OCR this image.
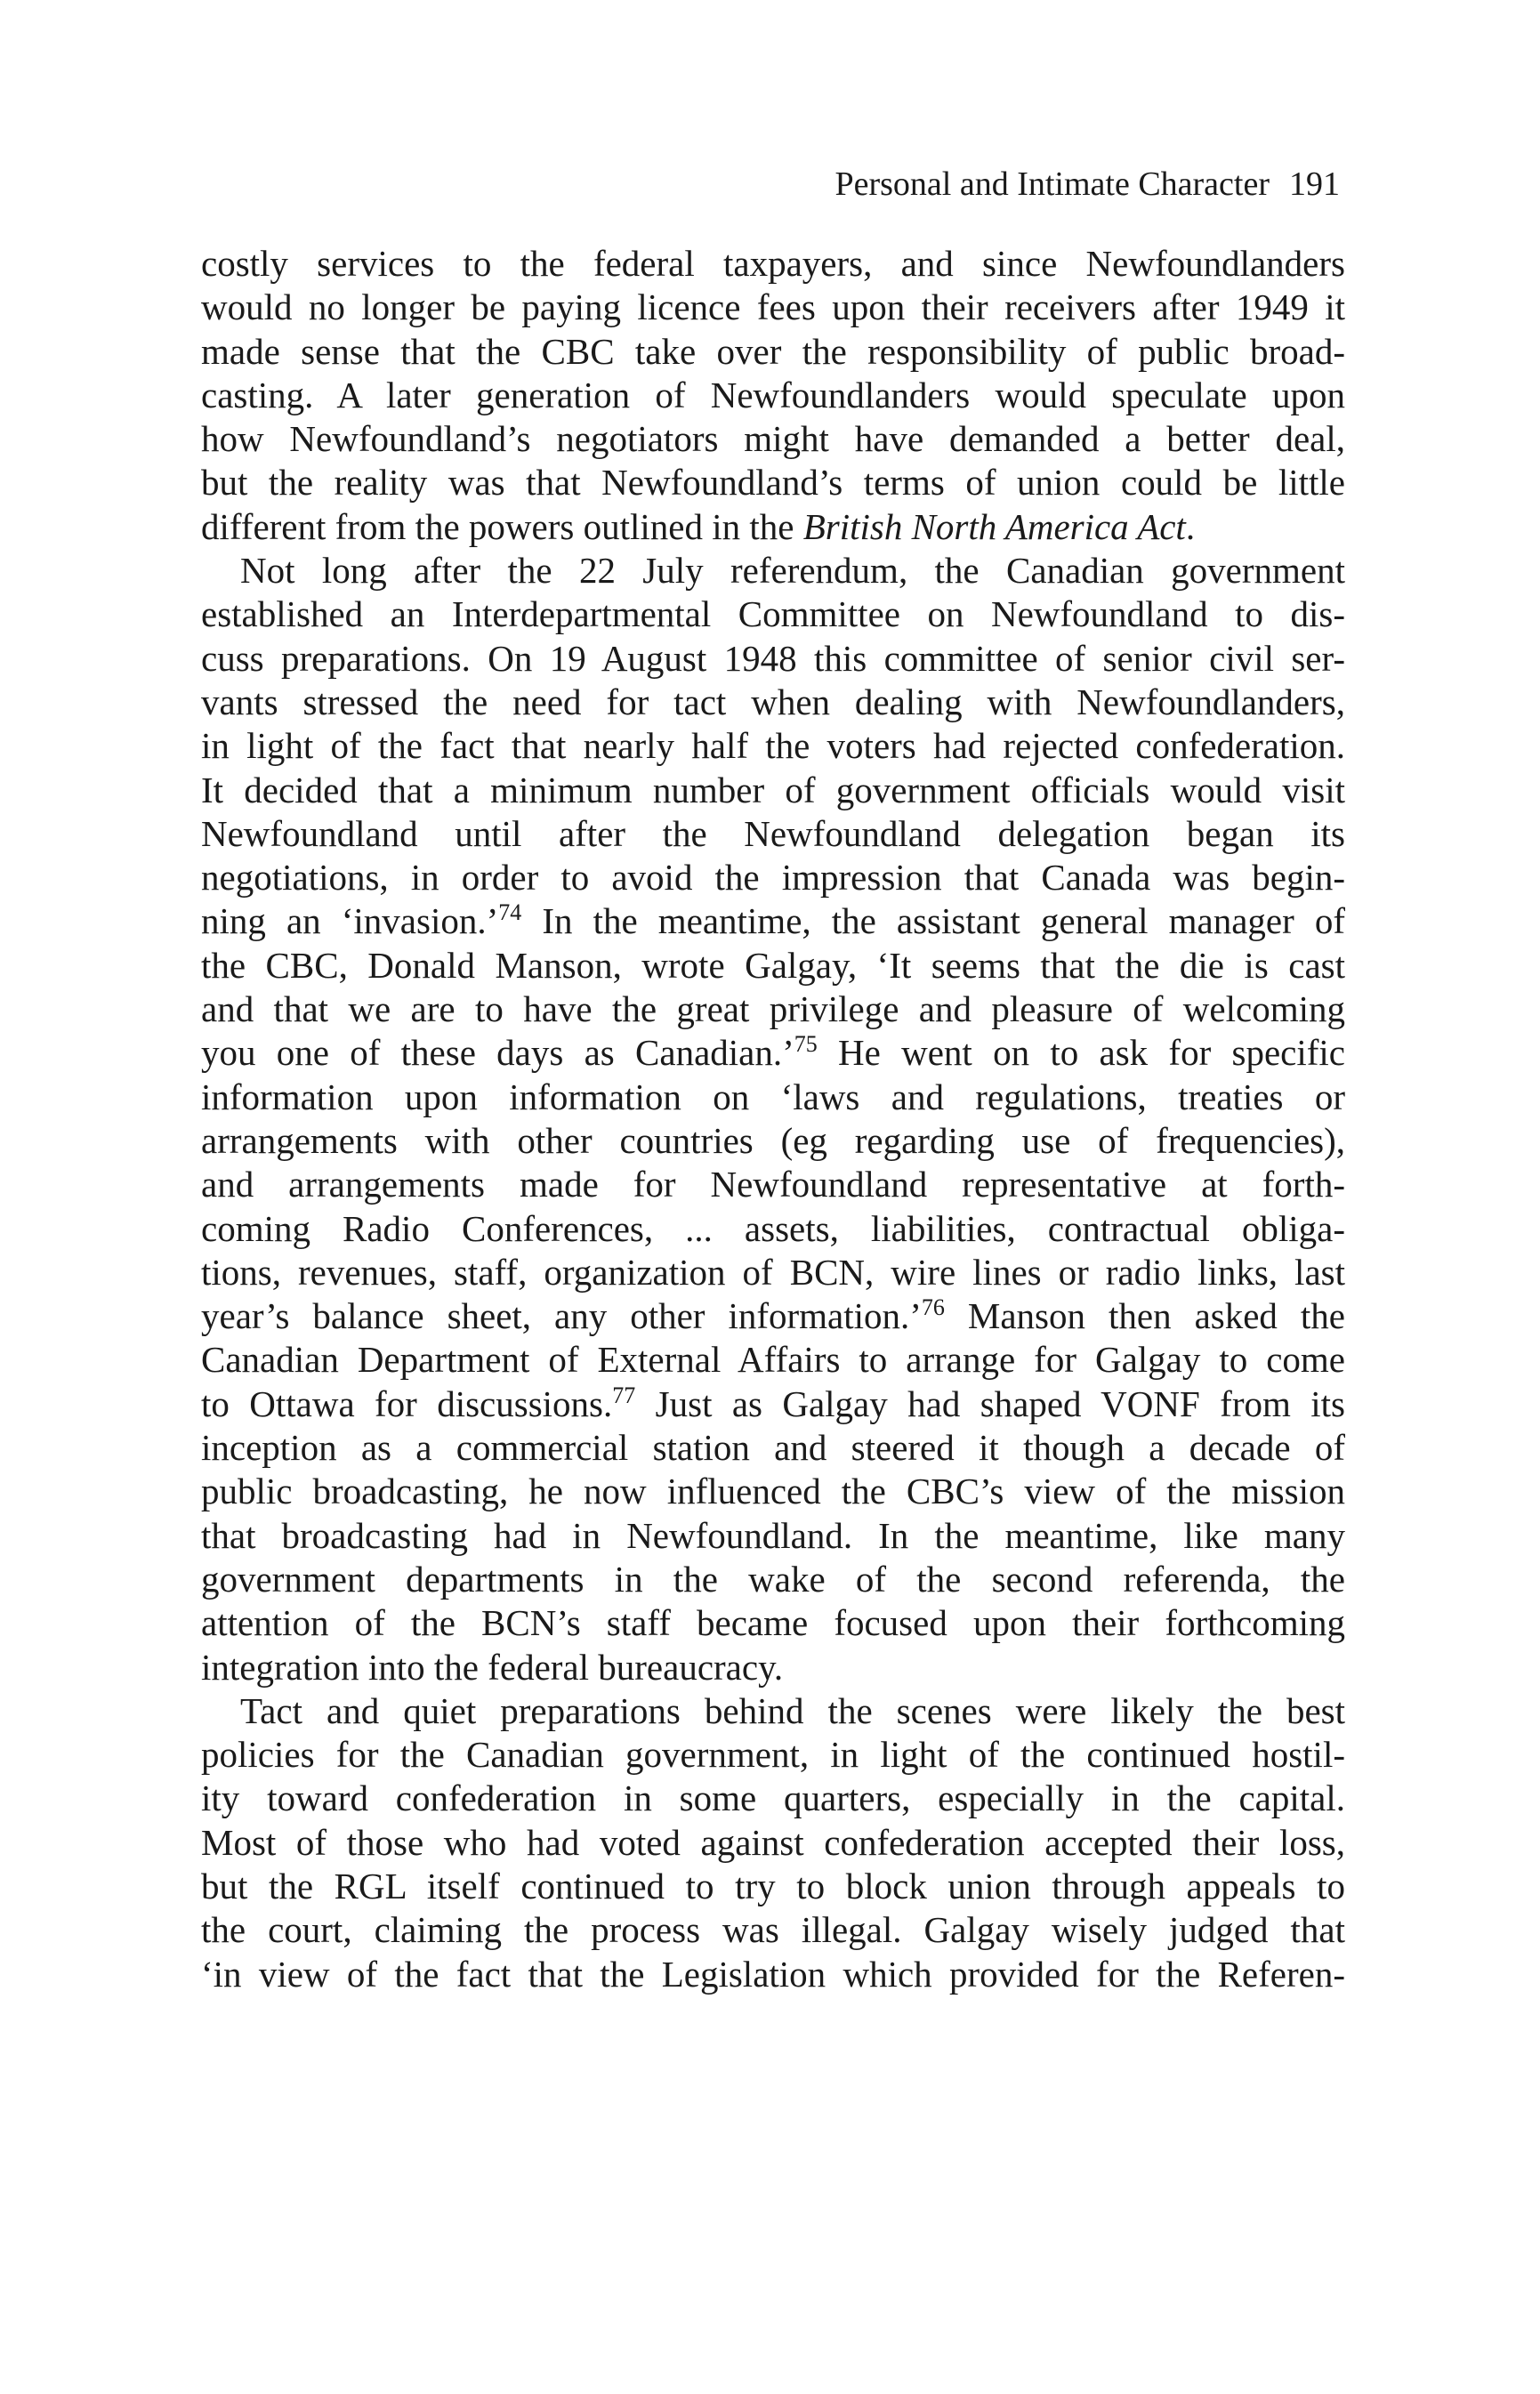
Personal and Intimate Character 191
costly services to the federal taxpayers, and since Newfoundlanders
would no longer be paying licence fees upon their receivers after 1949 it
made sense that the CBC take over the responsibility of public broad-
casting. A later generation of Newfoundlanders would speculate upon
how Newfoundland’s negotiators might have demanded a better deal,
but the reality was that Newfoundland’s terms of union could be little
different from the powers outlined in the British North America Act.
Not long after the 22 July referendum, the Canadian government
established an Interdepartmental Committee on Newfoundland to dis-
cuss preparations. On 19 August 1948 this committee of senior civil ser-
vants stressed the need for tact when dealing with Newfoundlanders,
in light of the fact that nearly half the voters had rejected confederation.
It decided that a minimum number of government officials would visit
Newfoundland until after the Newfoundland delegation began its
negotiations, in order to avoid the impression that Canada was begin-
ning an ‘invasion.’$^{74}$ In the meantime, the assistant general manager of
the CBC, Donald Manson, wrote Galgay, ‘It seems that the die is cast
and that we are to have the great privilege and pleasure of welcoming
you one of these days as Canadian.’$^{75}$ He went on to ask for specific
information upon information on ‘laws and regulations, treaties or
arrangements with other countries (eg regarding use of frequencies),
and arrangements made for Newfoundland representative at forth-
coming Radio Conferences, ... assets, liabilities, contractual obliga-
tions, revenues, staff, organization of BCN, wire lines or radio links, last
year’s balance sheet, any other information.’$^{76}$ Manson then asked the
Canadian Department of External Affairs to arrange for Galgay to come
to Ottawa for discussions.$^{77}$ Just as Galgay had shaped VONF from its
inception as a commercial station and steered it though a decade of
public broadcasting, he now influenced the CBC’s view of the mission
that broadcasting had in Newfoundland. In the meantime, like many
government departments in the wake of the second referenda, the
attention of the BCN’s staff became focused upon their forthcoming
integration into the federal bureaucracy.
Tact and quiet preparations behind the scenes were likely the best
policies for the Canadian government, in light of the continued hostil-
ity toward confederation in some quarters, especially in the capital.
Most of those who had voted against confederation accepted their loss,
but the RGL itself continued to try to block union through appeals to
the court, claiming the process was illegal. Galgay wisely judged that
‘in view of the fact that the Legislation which provided for the Referen-
